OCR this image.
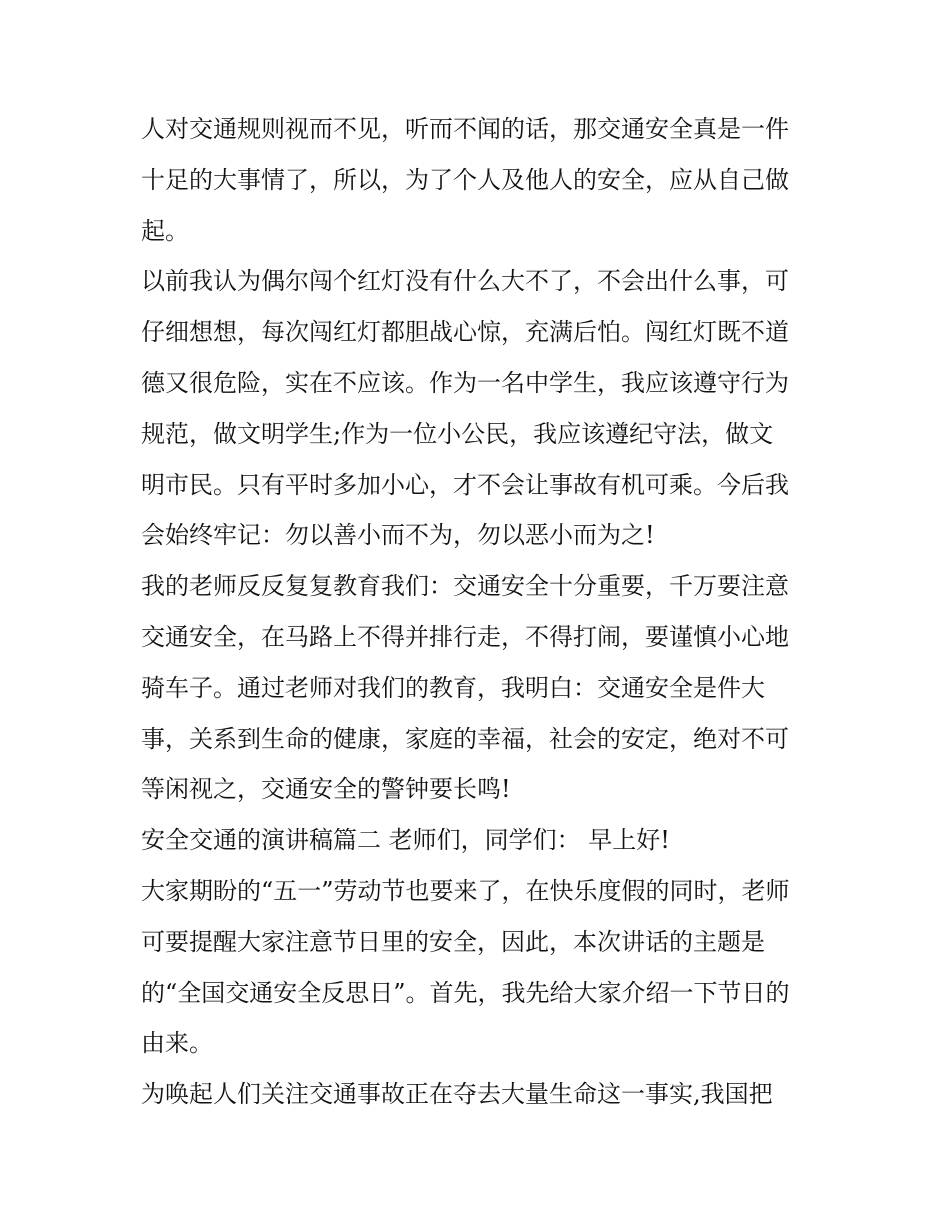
人对交通规则视而不见，听而不闻的话，那交通安全真是一件
十足的大事情了，所以，为了个人及他人的安全，应从自己做
起。
以前我认为偶尔闯个红灯没有什么大不了，不会出什么事，可
仔细想想，每次闯红灯都胆战心惊，充满后怕。闯红灯既不道
德又很危险，实在不应该。作为一名中学生，我应该遵守行为
规范，做文明学生;作为一位小公民，我应该遵纪守法，做文
明市民。只有平时多加小心，才不会让事故有机可乘。今后我
会始终牢记：勿以善小而不为，勿以恶小而为之!
我的老师反反复复教育我们：交通安全十分重要，千万要注意
交通安全，在马路上不得并排行走，不得打闹，要谨慎小心地
骑车子。通过老师对我们的教育，我明白：交通安全是件大
事，关系到生命的健康，家庭的幸福，社会的安定，绝对不可
等闲视之，交通安全的警钟要长鸣!
安全交通的演讲稿篇二 老师们，同学们： 早上好!
大家期盼的“五一”劳动节也要来了，在快乐度假的同时，老师
可要提醒大家注意节日里的安全，因此，本次讲话的主题是
的“全国交通安全反思日”。首先，我先给大家介绍一下节日的
由来。
为唤起人们关注交通事故正在夺去大量生命这一事实,我国把
